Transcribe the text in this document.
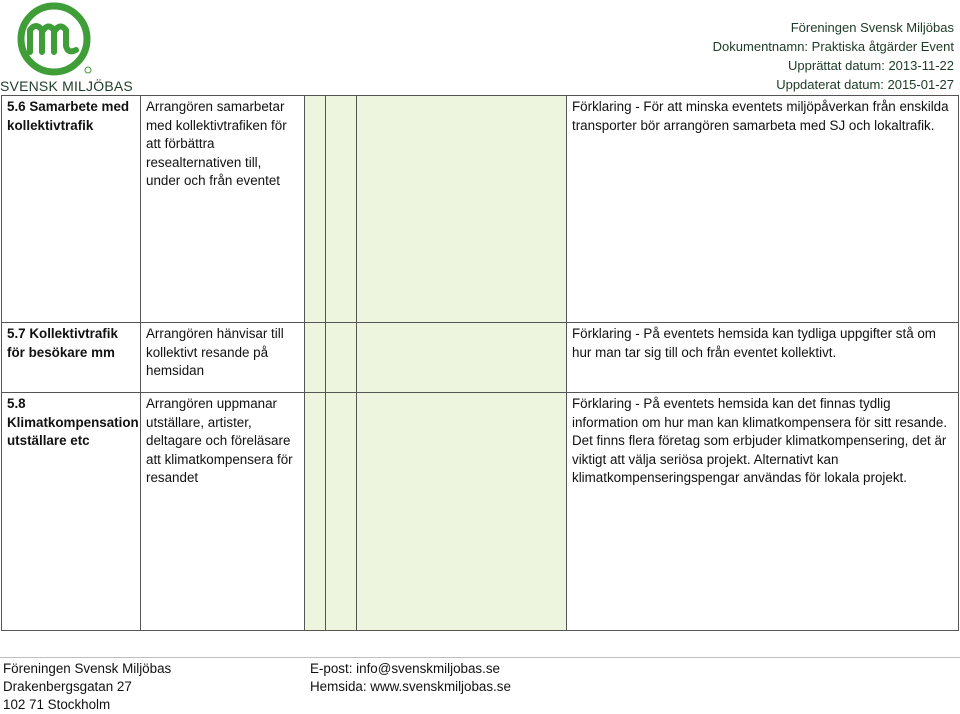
SVENSK MILJÖBAS
Föreningen Svensk Miljöbas
Dokumentnamn: Praktiska åtgärder Event
Upprättat datum: 2013-11-22
Uppdaterat datum: 2015-01-27
5.6 Samarbete med kollektivtrafik	Arrangören samarbetar med kollektivtrafiken för att förbättra resealternativen till, under och från eventet				Förklaring - För att minska eventets miljöpåverkan från enskilda transporter bör arrangören samarbeta med SJ och lokaltrafik.

5.7 Kollektivtrafik för besökare mm	Arrangören hänvisar till kollektivt resande på hemsidan				Förklaring - På eventets hemsida kan tydliga uppgifter stå om hur man tar sig till och från eventet kollektivt.

5.8 Klimatkompensation utställare etc	Arrangören uppmanar utställare, artister, deltagare och föreläsare att klimatkompensera för resandet				Förklaring - På eventets hemsida kan det finnas tydlig information om hur man kan klimatkompensera för sitt resande.
Det finns flera företag som erbjuder klimatkompensering, det är viktigt att välja seriösa projekt. Alternativt kan klimatkompenseringspengar användas för lokala projekt.
Föreningen Svensk Miljöbas
Drakenbergsgatan 27
102 71 Stockholm
E-post: info@svenskmiljobas.se
Hemsida: www.svenskmiljobas.se
